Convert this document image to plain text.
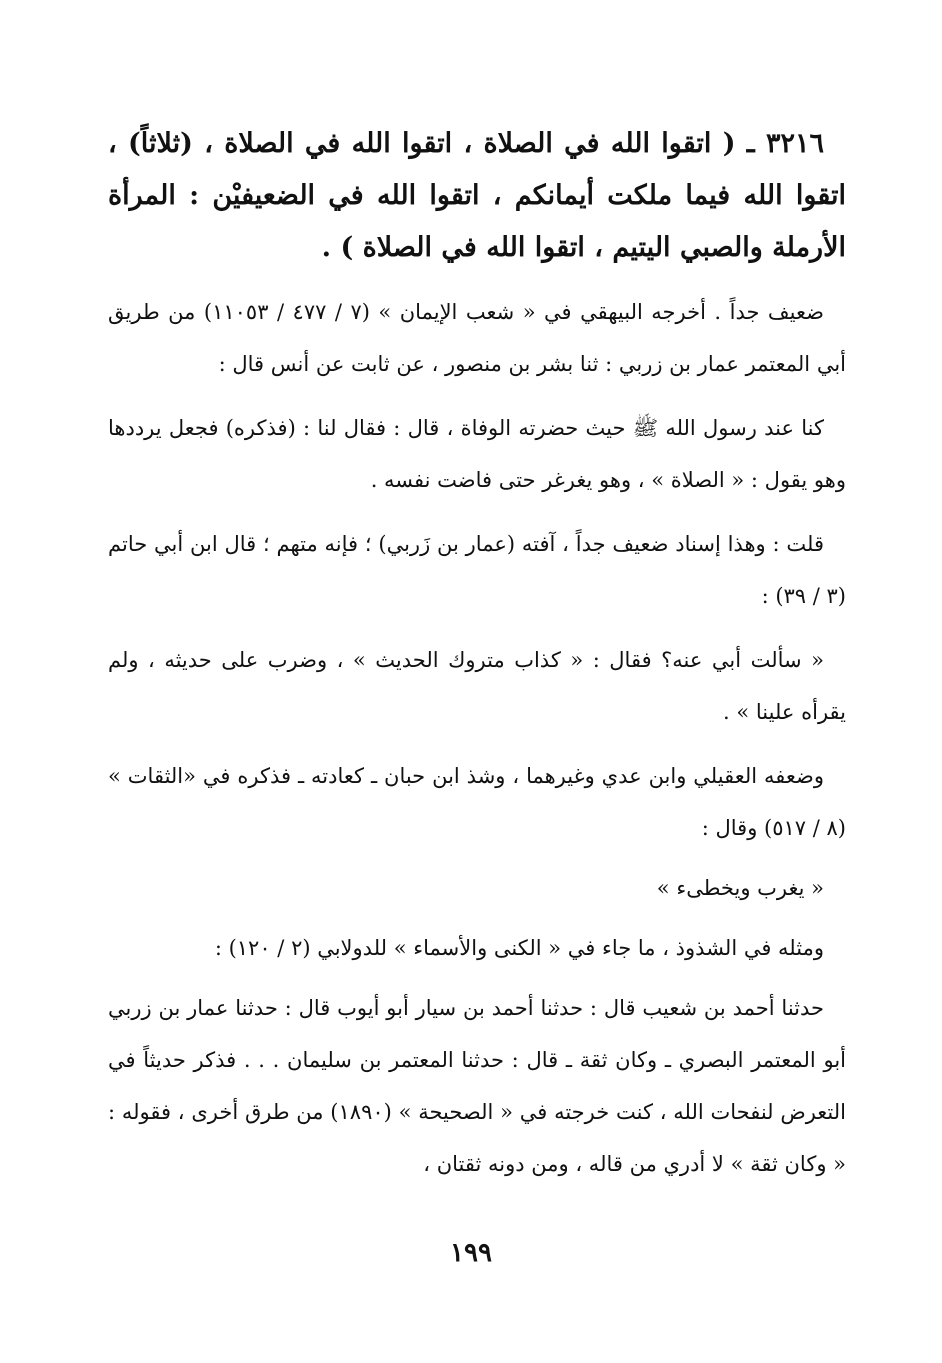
٣٢١٦ ـ ( اتقوا الله في الصلاة ، اتقوا الله في الصلاة ، (ثلاثاً) ، اتقوا الله فيما ملكت أيمانكم ، اتقوا الله في الضعيفيْن : المرأة الأرملة والصبي اليتيم ، اتقوا الله في الصلاة ) .

ضعيف جداً . أخرجه البيهقي في « شعب الإيمان » (٧ / ٤٧٧ / ١١٠٥٣) من طريق أبي المعتمر عمار بن زربي : ثنا بشر بن منصور ، عن ثابت عن أنس قال :

كنا عند رسول الله ﷺ حيث حضرته الوفاة ، قال : فقال لنا : (فذكره) فجعل يرددها وهو يقول : « الصلاة » ، وهو يغرغر حتى فاضت نفسه .

قلت : وهذا إسناد ضعيف جداً ، آفته (عمار بن زَربي) ؛ فإنه متهم ؛ قال ابن أبي حاتم (٣ / ٣٩) :

« سألت أبي عنه؟ فقال : « كذاب متروك الحديث » ، وضرب على حديثه ، ولم يقرأه علينا » .

وضعفه العقيلي وابن عدي وغيرهما ، وشذ ابن حبان ـ كعادته ـ فذكره في «الثقات » (٨ / ٥١٧) وقال :

« يغرب ويخطىء »

ومثله في الشذوذ ، ما جاء في « الكنى والأسماء » للدولابي (٢ / ١٢٠) :

حدثنا أحمد بن شعيب قال : حدثنا أحمد بن سيار أبو أيوب قال : حدثنا عمار بن زربي أبو المعتمر البصري ـ وكان ثقة ـ قال : حدثنا المعتمر بن سليمان . . . فذكر حديثاً في التعرض لنفحات الله ، كنت خرجته في « الصحيحة » (١٨٩٠) من طرق أخرى ، فقوله : « وكان ثقة » لا أدري من قاله ، ومن دونه ثقتان ،

١٩٩
